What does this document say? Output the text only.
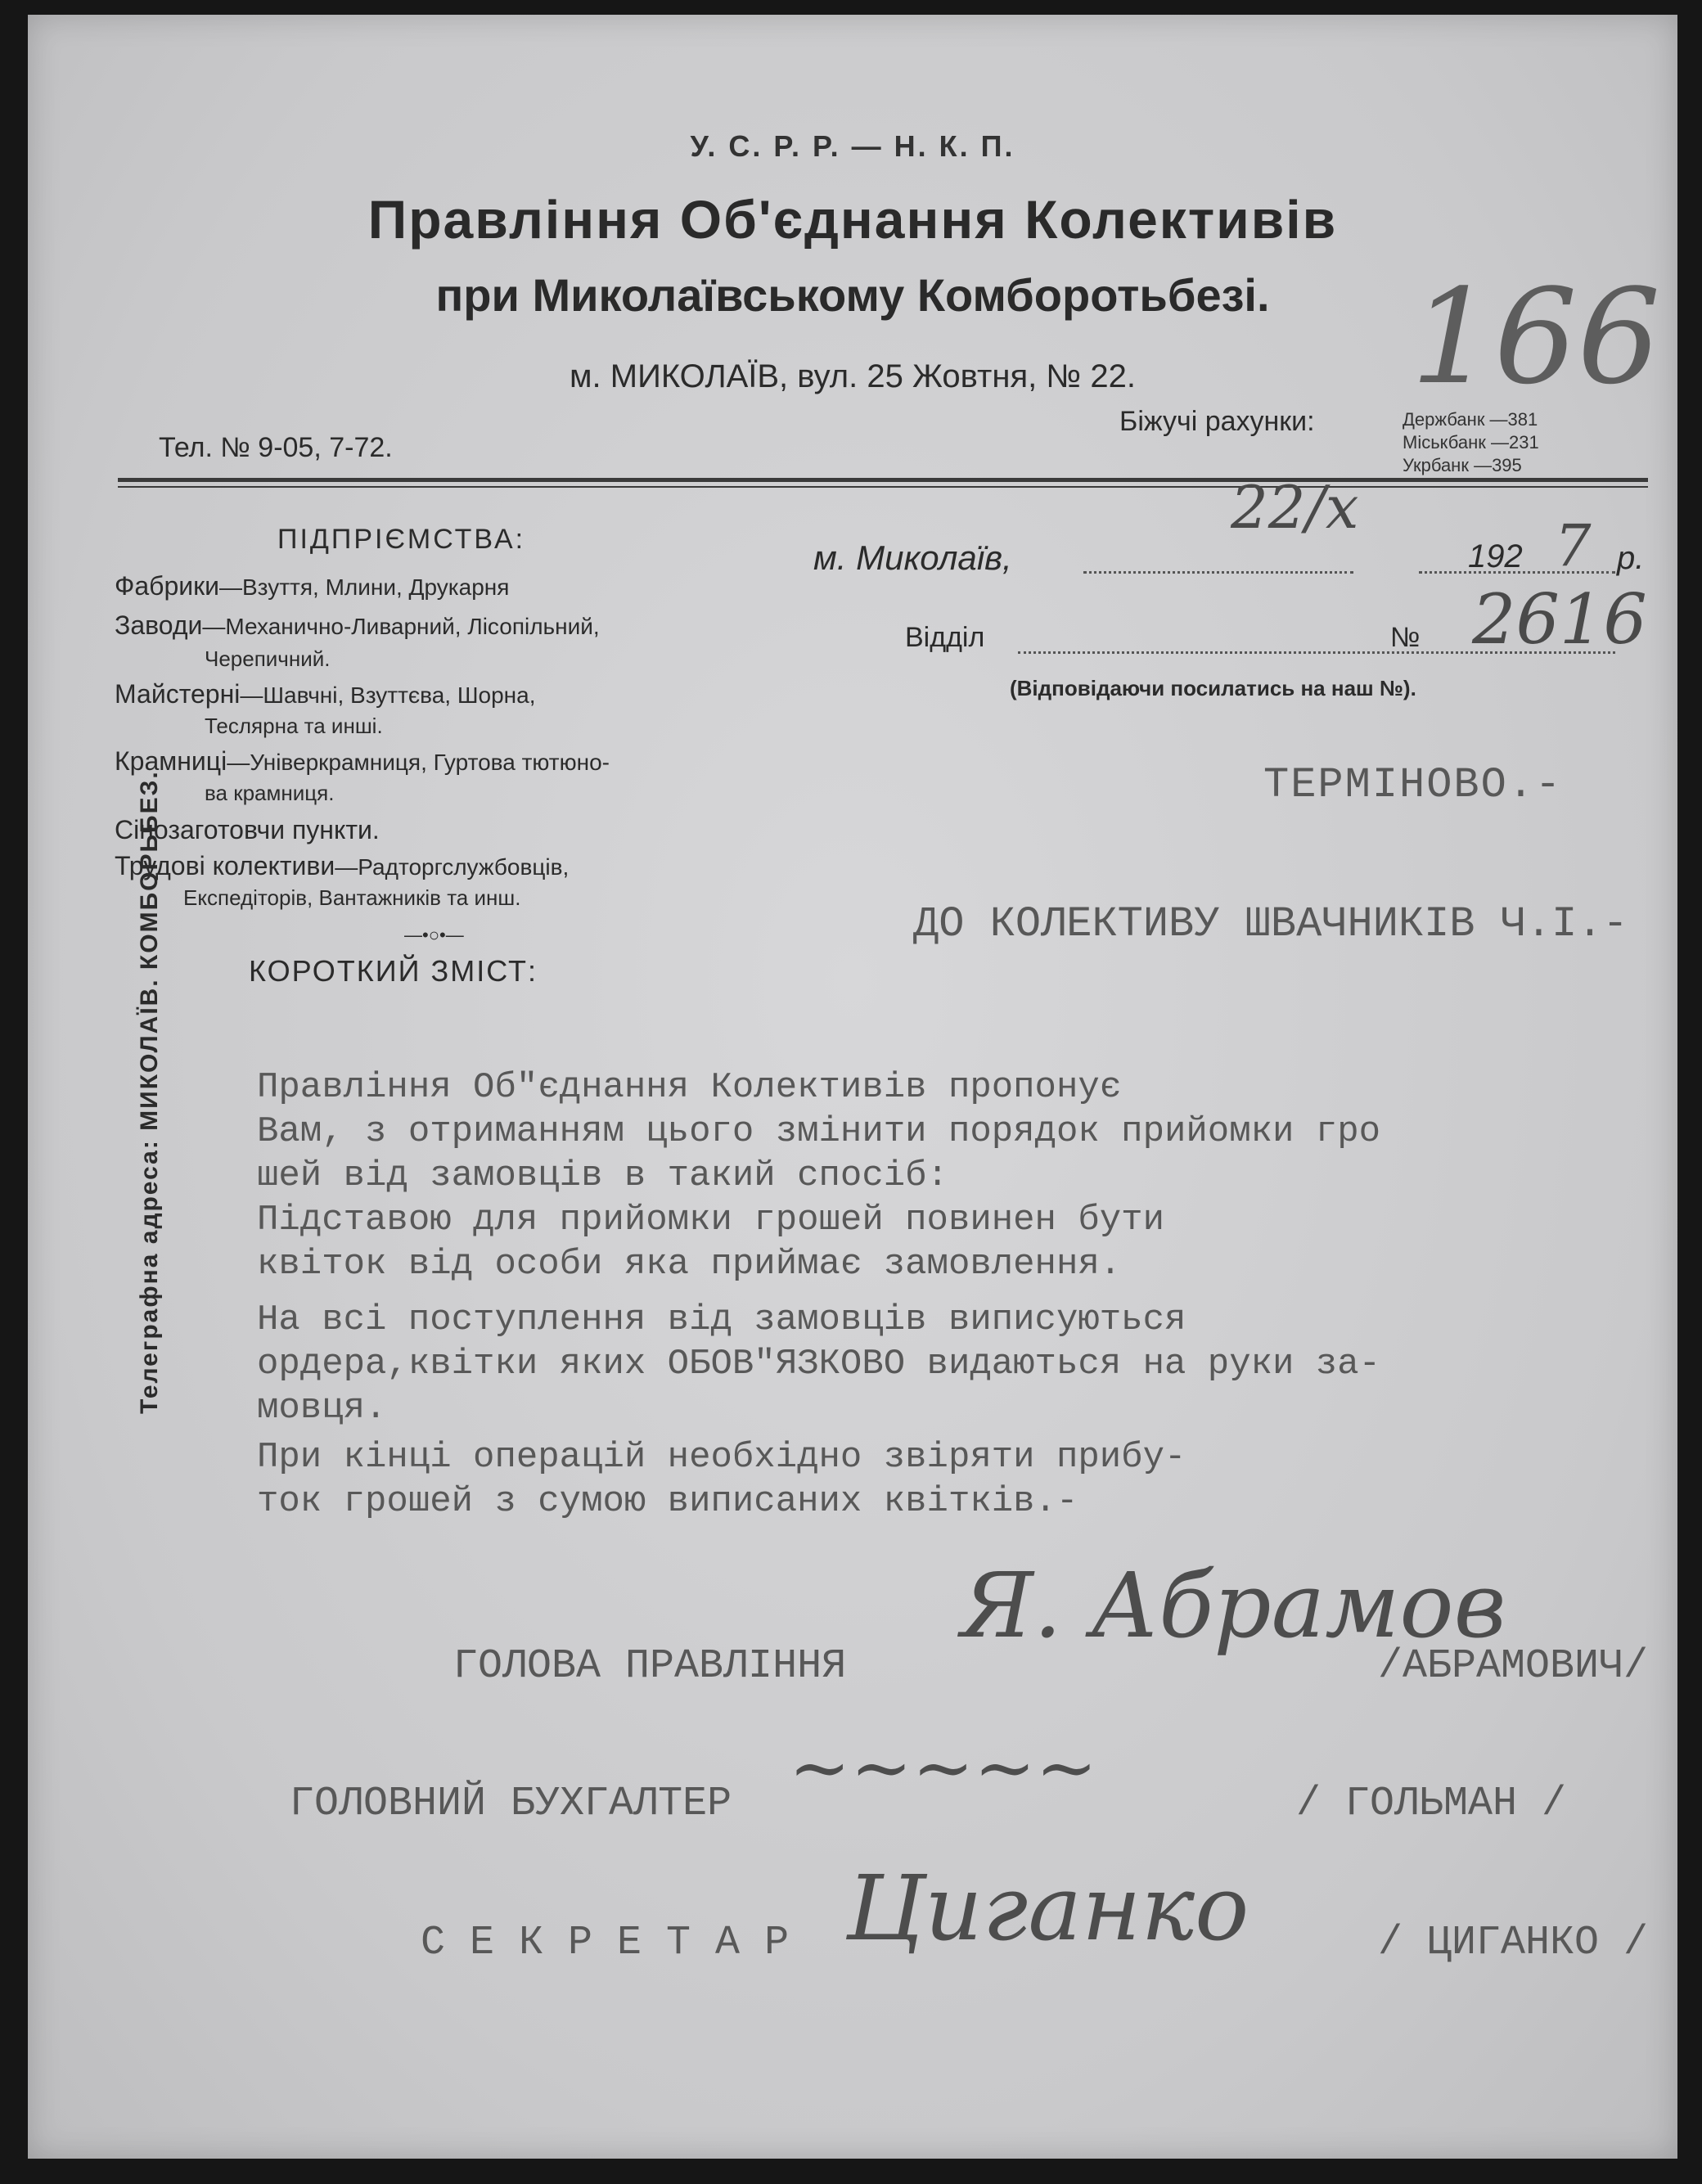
У. С. Р. Р. — Н. К. П.
Правління Об'єднання Колективів
при Миколаївському Комборотьбезі.
м. МИКОЛАЇВ, вул. 25 Жовтня, № 22.	166
Тел. № 9-05, 7-72.
Біжучі рахунки:	Держбанк —381
Міськбанк —231
Укрбанк —395
ПІДПРІЄМСТВА:
Фабрики—Взуття, Млини, Друкарня
Заводи—Механично-Ливарний, Лісопільний,
Черепичний.
Майстерні—Шавчні, Взуттєва, Шорна,
Теслярна та инші.
Крамниці—Універкрамниця, Гуртова тютюно-
ва крамниця.
Сінозаготовчи пункти.
Трудові колективи—Радторгслужбовців,
Експедіторів, Вантажників та инш.
—•○•—
КОРОТКИЙ ЗМІСТ:
м. Миколаїв,
22/х
192 7 р.
Відділ	№ 2616
(Відповідаючи посилатись на наш №).
ТЕРМІНОВО.-
ДО КОЛЕКТИВУ ШВАЧНИКІВ Ч.І.-
Правління Об"єднання Колективів пропонує
Вам, з отриманням цього змінити порядок прийомки гро
шей від замовців в такий спосіб:
Підставою для прийомки грошей повинен бути
квіток від особи яка приймає замовлення.
На всі поступлення від замовців виписуються
ордера,квітки яких ОБОВ"ЯЗКОВО видаються на руки за-
мовця.
При кінці операцій необхідно звіряти прибу-
ток грошей з сумою виписаних квітків.-
Телеграфна адреса: МИКОЛАЇВ. КОМБОРЬБЕЗ.
ГОЛОВА ПРАВЛІННЯ
Я. Абрамов
/АБРАМОВИЧ/
ГОЛОВНИЙ БУХГАЛТЕР ~~~~~	/ ГОЛЬМАН /
С Е К Р Е Т А Р Циганко	/ ЦИГАНКО /
